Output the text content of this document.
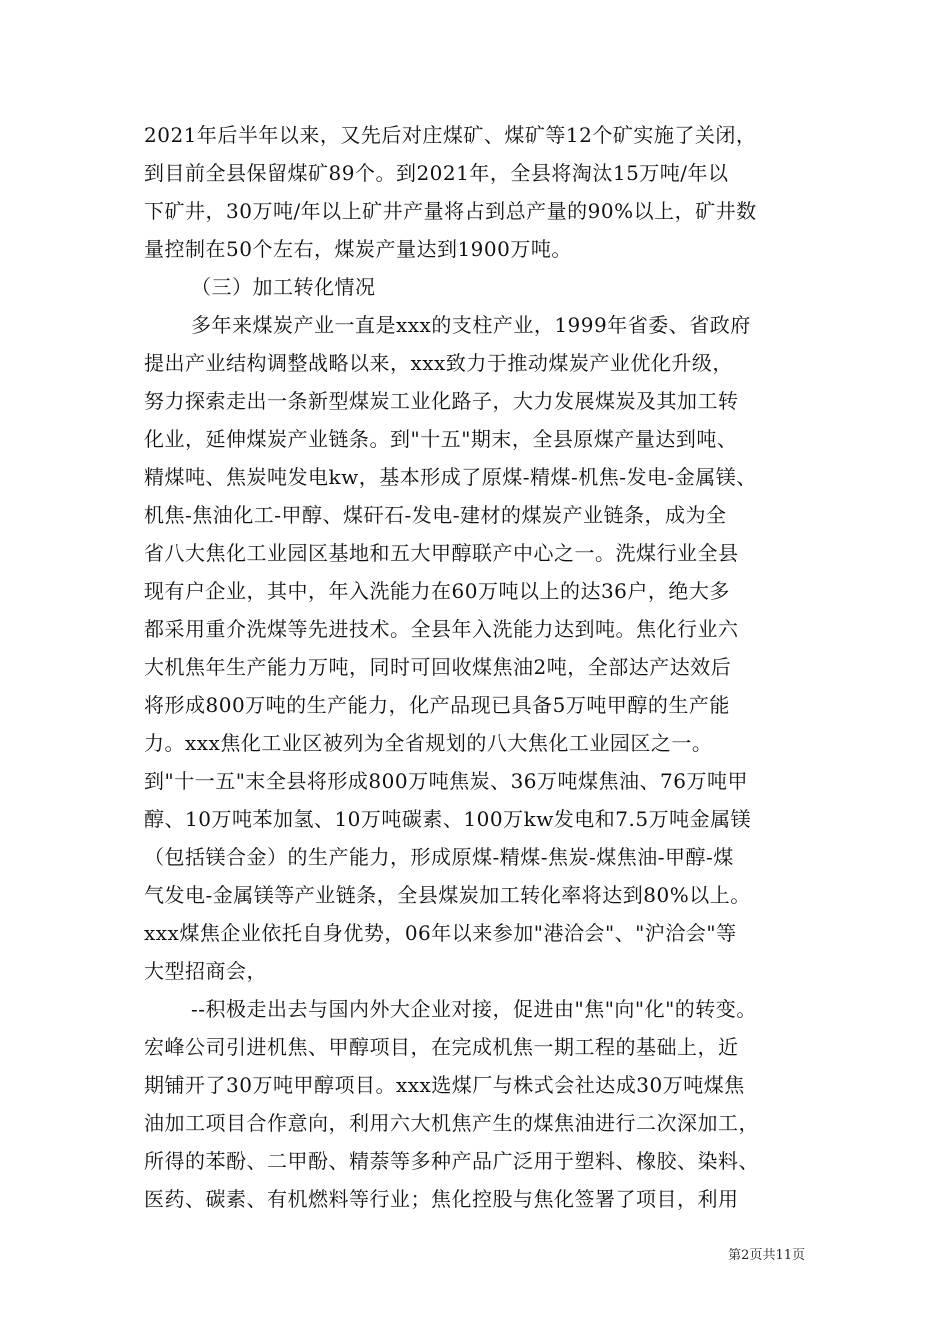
2021年后半年以来，又先后对庄煤矿、煤矿等12个矿实施了关闭，
到目前全县保留煤矿89个。到2021年，全县将淘汰15万吨/年以
下矿井，30万吨/年以上矿井产量将占到总产量的90%以上，矿井数
量控制在50个左右，煤炭产量达到1900万吨。
（三）加工转化情况
多年来煤炭产业一直是xxx的支柱产业，1999年省委、省政府
提出产业结构调整战略以来，xxx致力于推动煤炭产业优化升级，
努力探索走出一条新型煤炭工业化路子，大力发展煤炭及其加工转
化业，延伸煤炭产业链条。到"十五"期末，全县原煤产量达到吨、
精煤吨、焦炭吨发电kw，基本形成了原煤-精煤-机焦-发电-金属镁、
机焦-焦油化工-甲醇、煤矸石-发电-建材的煤炭产业链条，成为全
省八大焦化工业园区基地和五大甲醇联产中心之一。洗煤行业全县
现有户企业，其中，年入洗能力在60万吨以上的达36户，绝大多
都采用重介洗煤等先进技术。全县年入洗能力达到吨。焦化行业六
大机焦年生产能力万吨，同时可回收煤焦油2吨，全部达产达效后
将形成800万吨的生产能力，化产品现已具备5万吨甲醇的生产能
力。xxx焦化工业区被列为全省规划的八大焦化工业园区之一。
到"十一五"末全县将形成800万吨焦炭、36万吨煤焦油、76万吨甲
醇、10万吨苯加氢、10万吨碳素、100万kw发电和7.5万吨金属镁
（包括镁合金）的生产能力，形成原煤-精煤-焦炭-煤焦油-甲醇-煤
气发电-金属镁等产业链条，全县煤炭加工转化率将达到80%以上。
xxx煤焦企业依托自身优势，06年以来参加"港洽会"、"沪洽会"等
大型招商会，
--积极走出去与国内外大企业对接，促进由"焦"向"化"的转变。
宏峰公司引进机焦、甲醇项目，在完成机焦一期工程的基础上，近
期铺开了30万吨甲醇项目。xxx选煤厂与株式会社达成30万吨煤焦
油加工项目合作意向，利用六大机焦产生的煤焦油进行二次深加工，
所得的苯酚、二甲酚、精萘等多种产品广泛用于塑料、橡胶、染料、
医药、碳素、有机燃料等行业；焦化控股与焦化签署了项目，利用
第2页共11页
